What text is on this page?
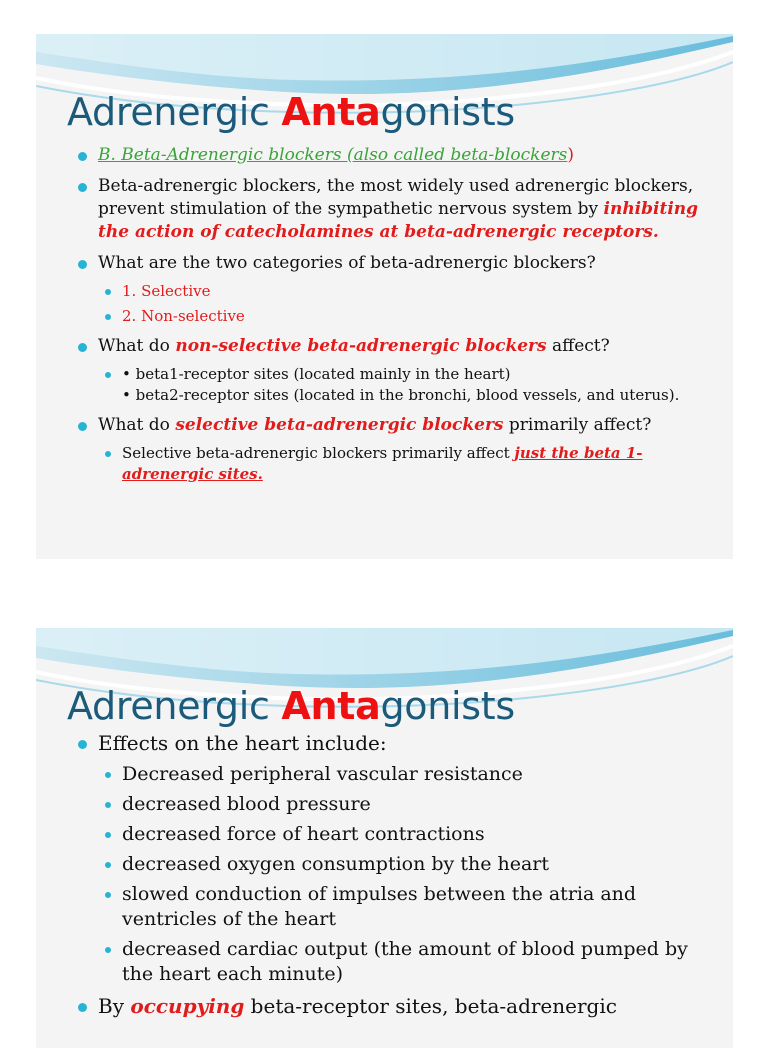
Adrenergic Antagonists
B. Beta-Adrenergic blockers (also called beta-blockers)
Beta-adrenergic blockers, the most widely used adrenergic blockers, prevent stimulation of the sympathetic nervous system by inhibiting the action of catecholamines at beta-adrenergic receptors.
What are the two categories of beta-adrenergic blockers?
1. Selective
2. Non-selective
What do non-selective beta-adrenergic blockers affect?
• beta1-receptor sites (located mainly in the heart)
• beta2-receptor sites (located in the bronchi, blood vessels, and uterus).
What do selective beta-adrenergic blockers primarily affect?
Selective beta-adrenergic blockers primarily affect just the beta 1-adrenergic sites.
Adrenergic Antagonists
Effects on the heart include:
Decreased peripheral vascular resistance
decreased blood pressure
decreased force of heart contractions
decreased oxygen consumption by the heart
slowed conduction of impulses between the atria and ventricles of the heart
decreased cardiac output (the amount of blood pumped by the heart each minute)
By occupying beta-receptor sites, beta-adrenergic
